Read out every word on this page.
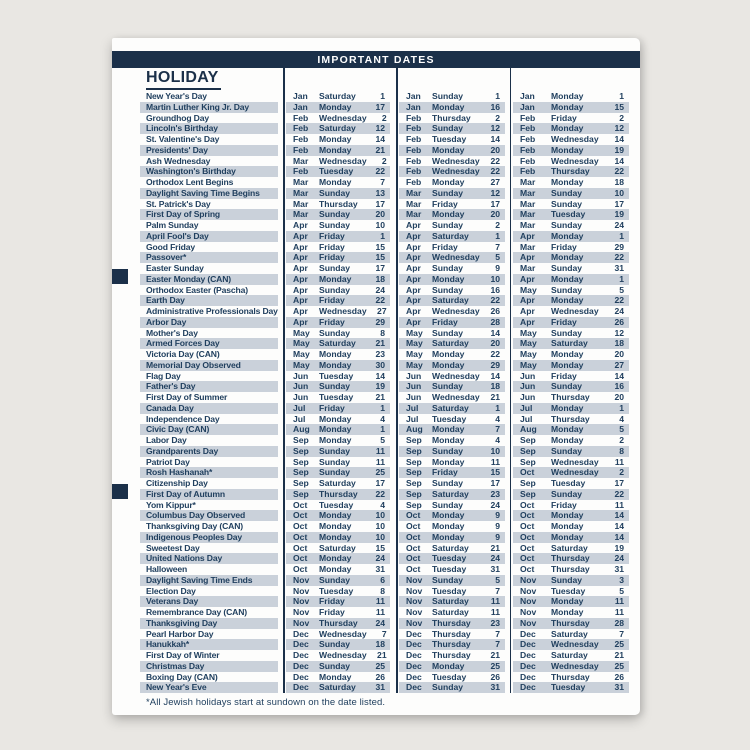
IMPORTANT DATES
HOLIDAY
New Year's Day	Jan	Saturday	1 Jan	Sunday	1 Jan	Monday	1
Martin Luther King Jr. Day	Jan	Monday	17 Jan	Monday	16 Jan	Monday	15
Groundhog Day	Feb	Wednesday	2 Feb	Thursday	2 Feb	Friday	2
Lincoln's Birthday	Feb	Saturday	12 Feb	Sunday	12 Feb	Monday	12
St. Valentine's Day	Feb	Monday	14 Feb	Tuesday	14 Feb	Wednesday	14
Presidents' Day	Feb	Monday	21 Feb	Monday	20 Feb	Monday	19
Ash Wednesday	Mar	Wednesday	2 Feb	Wednesday	22 Feb	Wednesday	14
Washington's Birthday	Feb	Tuesday	22 Feb	Wednesday	22 Feb	Thursday	22
Orthodox Lent Begins	Mar	Monday	7 Feb	Monday	27 Mar	Monday	18
Daylight Saving Time Begins	Mar	Sunday	13 Mar	Sunday	12 Mar	Sunday	10
St. Patrick's Day	Mar	Thursday	17 Mar	Friday	17 Mar	Sunday	17
First Day of Spring	Mar	Sunday	20 Mar	Monday	20 Mar	Tuesday	19
Palm Sunday	Apr	Sunday	10 Apr	Sunday	2 Mar	Sunday	24
April Fool's Day	Apr	Friday	1 Apr	Saturday	1 Apr	Monday	1
Good Friday	Apr	Friday	15 Apr	Friday	7 Mar	Friday	29
Passover*	Apr	Friday	15 Apr	Wednesday	5 Apr	Monday	22
Easter Sunday	Apr	Sunday	17 Apr	Sunday	9 Mar	Sunday	31
Easter Monday (CAN)	Apr	Monday	18 Apr	Monday	10 Apr	Monday	1
Orthodox Easter (Pascha)	Apr	Sunday	24 Apr	Sunday	16 May	Sunday	5
Earth Day	Apr	Friday	22 Apr	Saturday	22 Apr	Monday	22
Administrative Professionals Day Apr	Wednesday	27 Apr	Wednesday	26 Apr	Wednesday	24
Arbor Day	Apr	Friday	29 Apr	Friday	28 Apr	Friday	26
Mother's Day	May	Sunday	8 May	Sunday	14 May	Sunday	12
Armed Forces Day	May	Saturday	21 May	Saturday	20 May	Saturday	18
Victoria Day (CAN)	May	Monday	23 May	Monday	22 May	Monday	20
Memorial Day Observed	May	Monday	30 May	Monday	29 May	Monday	27
Flag Day	Jun	Tuesday	14 Jun	Wednesday	14 Jun	Friday	14
Father's Day	Jun	Sunday	19 Jun	Sunday	18 Jun	Sunday	16
First Day of Summer	Jun	Tuesday	21 Jun	Wednesday	21 Jun	Thursday	20
Canada Day	Jul	Friday	1 Jul	Saturday	1 Jul	Monday	1
Independence Day	Jul	Monday	4 Jul	Tuesday	4 Jul	Thursday	4
Civic Day (CAN)	Aug	Monday	1 Aug	Monday	7 Aug	Monday	5
Labor Day	Sep	Monday	5 Sep	Monday	4 Sep	Monday	2
Grandparents Day	Sep	Sunday	11 Sep	Sunday	10 Sep	Sunday	8
Patriot Day	Sep	Sunday	11 Sep	Monday	11 Sep	Wednesday	11
Rosh Hashanah*	Sep	Sunday	25 Sep	Friday	15 Oct	Wednesday	2
Citizenship Day	Sep	Saturday	17 Sep	Sunday	17 Sep	Tuesday	17
First Day of Autumn	Sep	Thursday	22 Sep	Saturday	23 Sep	Sunday	22
Yom Kippur*	Oct	Tuesday	4 Sep	Sunday	24 Oct	Friday	11
Columbus Day Observed	Oct	Monday	10 Oct	Monday	9 Oct	Monday	14
Thanksgiving Day (CAN)	Oct	Monday	10 Oct	Monday	9 Oct	Monday	14
Indigenous Peoples Day	Oct	Monday	10 Oct	Monday	9 Oct	Monday	14
Sweetest Day	Oct	Saturday	15 Oct	Saturday	21 Oct	Saturday	19
United Nations Day	Oct	Monday	24 Oct	Tuesday	24 Oct	Thursday	24
Halloween	Oct	Monday	31 Oct	Tuesday	31 Oct	Thursday	31
Daylight Saving Time Ends	Nov	Sunday	6 Nov	Sunday	5 Nov	Sunday	3
Election Day	Nov	Tuesday	8 Nov	Tuesday	7 Nov	Tuesday	5
Veterans Day	Nov	Friday	11 Nov	Saturday	11 Nov	Monday	11
Remembrance Day (CAN)	Nov	Friday	11 Nov	Saturday	11 Nov	Monday	11
Thanksgiving Day	Nov	Thursday	24 Nov	Thursday	23 Nov	Thursday	28
Pearl Harbor Day	Dec	Wednesday	7 Dec	Thursday	7 Dec	Saturday	7
Hanukkah*	Dec	Sunday	18 Dec	Thursday	7 Dec	Wednesday	25
First Day of Winter	Dec	Wednesday	21 Dec	Thursday	21 Dec	Saturday	21
Christmas Day	Dec	Sunday	25 Dec	Monday	25 Dec	Wednesday	25
Boxing Day (CAN)	Dec	Monday	26 Dec	Tuesday	26 Dec	Thursday	26
New Year's Eve	Dec	Saturday	31 Dec	Sunday	31 Dec	Tuesday	31
*All Jewish holidays start at sundown on the date listed.
